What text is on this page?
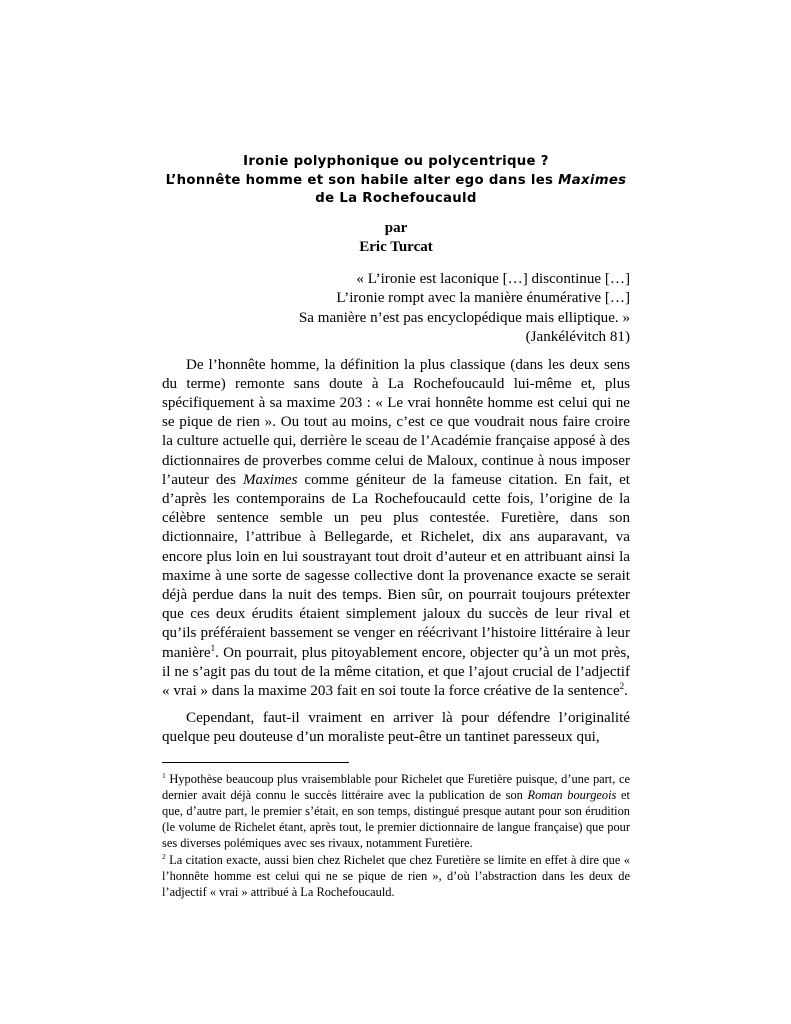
Ironie polyphonique ou polycentrique ?
L’honnête homme et son habile alter ego dans les Maximes
de La Rochefoucauld
par
Eric Turcat
« L’ironie est laconique […] discontinue […]
L’ironie rompt avec la manière énumérative […]
Sa manière n’est pas encyclopédique mais elliptique. »
(Jankélévitch 81)

De l’honnête homme, la définition la plus classique (dans les deux sens du terme) remonte sans doute à La Rochefoucauld lui-même et, plus spécifiquement à sa maxime 203 : « Le vrai honnête homme est celui qui ne se pique de rien ». Ou tout au moins, c’est ce que voudrait nous faire croire la culture actuelle qui, derrière le sceau de l’Académie française apposé à des dictionnaires de proverbes comme celui de Maloux, continue à nous imposer l’auteur des Maximes comme géniteur de la fameuse citation. En fait, et d’après les contemporains de La Rochefoucauld cette fois, l’origine de la célèbre sentence semble un peu plus contestée. Furetière, dans son dictionnaire, l’attribue à Bellegarde, et Richelet, dix ans auparavant, va encore plus loin en lui soustrayant tout droit d’auteur et en attribuant ainsi la maxime à une sorte de sagesse collective dont la provenance exacte se serait déjà perdue dans la nuit des temps. Bien sûr, on pourrait toujours prétexter que ces deux érudits étaient simplement jaloux du succès de leur rival et qu’ils préféraient bassement se venger en réécrivant l’histoire littéraire à leur manière$^1$. On pourrait, plus pitoyablement encore, objecter qu’à un mot près, il ne s’agit pas du tout de la même citation, et que l’ajout crucial de l’adjectif « vrai » dans la maxime 203 fait en soi toute la force créative de la sentence$^2$.

Cependant, faut-il vraiment en arriver là pour défendre l’originalité quelque peu douteuse d’un moraliste peut-être un tantinet paresseux qui,

$^1$ Hypothèse beaucoup plus vraisemblable pour Richelet que Furetière puisque, d’une part, ce dernier avait déjà connu le succès littéraire avec la publication de son Roman bourgeois et que, d’autre part, le premier s’était, en son temps, distingué presque autant pour son érudition (le volume de Richelet étant, après tout, le premier dictionnaire de langue française) que pour ses diverses polémiques avec ses rivaux, notamment Furetière.

$^2$ La citation exacte, aussi bien chez Richelet que chez Furetière se limite en effet à dire que « l’honnête homme est celui qui ne se pique de rien », d’où l’abstraction dans les deux de l’adjectif « vrai » attribué à La Rochefoucauld.
